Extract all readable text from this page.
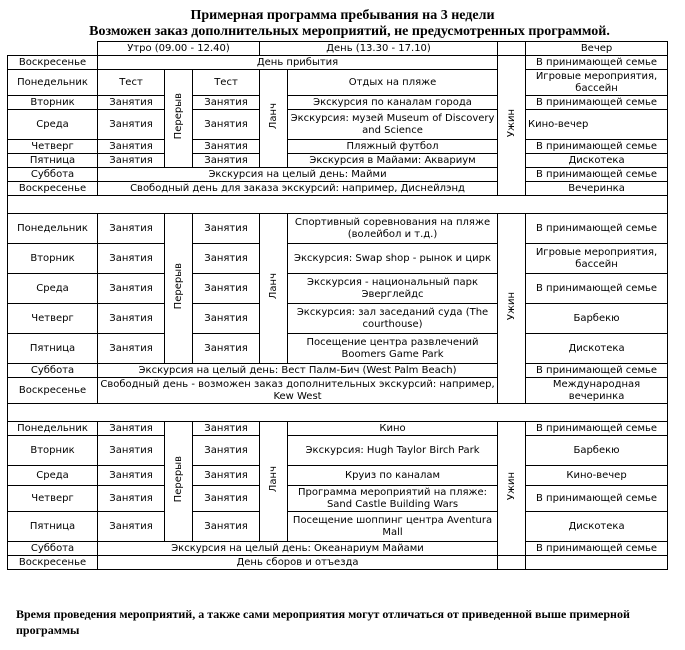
Примерная программа пребывания на 3 недели
Возможен заказ дополнительных мероприятий, не предусмотренных программой.
	Утро (09.00 - 12.40)			День (13.30 - 17.10)			Вечер
Воскресенье	День прибытия					Ужин	В принимающей семье
Понедельник	Тест	Перерыв	Тест	Ланч	Отдых на пляже		Игровые мероприятия, бассейн
Вторник	Занятия		Занятия		Экскурсия по каналам города		В принимающей семье
Среда	Занятия		Занятия		Экскурсия: музей Museum of Discovery and Science		Кино-вечер
Четверг	Занятия		Занятия		Пляжный футбол		В принимающей семье
Пятница	Занятия		Занятия		Экскурсия в Майами: Аквариум		Дискотека
Суббота	Экскурсия на целый день: Майми						В принимающей семье
Воскресенье	Свободный день для заказа экскурсий: например, Диснейлэнд						Вечеринка

Понедельник	Занятия	Перерыв	Занятия	Ланч	Спортивный соревнования на пляже (волейбол и т.д.)	Ужин	В принимающей семье
Вторник	Занятия		Занятия		Экскурсия: Swap shop - рынок и цирк		Игровые мероприятия, бассейн
Среда	Занятия		Занятия		Экскурсия - национальный парк Эверглейдс		В принимающей семье
Четверг	Занятия		Занятия		Экскурсия: зал заседаний суда (The courthouse)		Барбекю
Пятница	Занятия		Занятия		Посещение центра развлечений Boomers Game Park		Дискотека
Суббота	Экскурсия на целый день: Вест Палм-Бич (West Palm Beach)						В принимающей семье
Воскресенье	Свободный день - возможен заказ дополнительных экскурсий: например, Kew West						Международная вечеринка

Понедельник	Занятия	Перерыв	Занятия	Ланч	Кино	Ужин	В принимающей семье
Вторник	Занятия		Занятия		Экскурсия: Hugh Taylor Birch Park		Барбекю
Среда	Занятия		Занятия		Круиз по каналам		Кино-вечер
Четверг	Занятия		Занятия		Программа мероприятий на пляже: Sand Castle Building Wars		В принимающей семье
Пятница	Занятия		Занятия		Посещение шоппинг центра Aventura Mall		Дискотека
Суббота	Экскурсия на целый день: Океанариум Майами						В принимающей семье
Воскресенье	День сборов и отъезда						
Время проведения мероприятий, а также сами мероприятия могут отличаться от приведенной выше примерной программы
